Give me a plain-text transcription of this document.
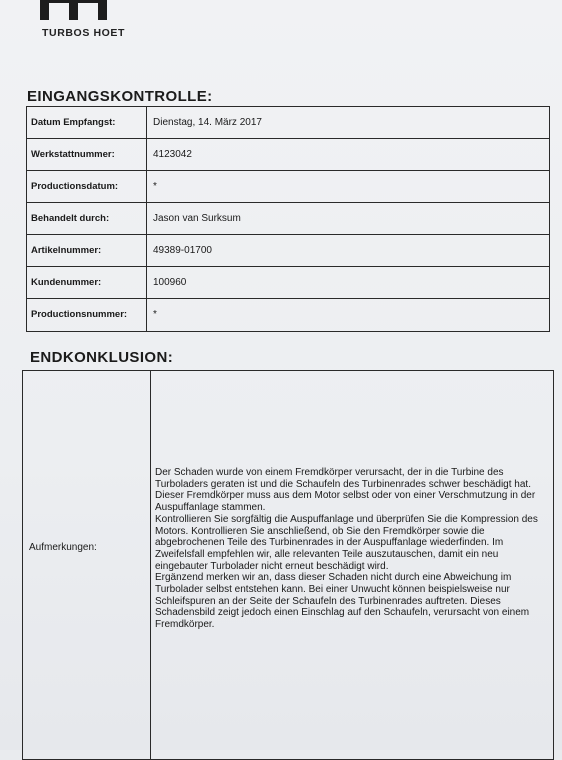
TURBOS HOET
EINGANGSKONTROLLE:
Datum Empfangst:	Dienstag, 14. März 2017
Werkstattnummer:	4123042
Productionsdatum:	*
Behandelt durch:	Jason van Surksum
Artikelnummer:	49389-01700
Kundenummer:	100960
Productionsnummer:	*
ENDKONKLUSION:
Aufmerkungen:

Der Schaden wurde von einem Fremdkörper verursacht, der in die Turbine des Turboladers geraten ist und die Schaufeln des Turbinenrades schwer beschädigt hat. Dieser Fremdkörper muss aus dem Motor selbst oder von einer Verschmutzung in der Auspuffanlage stammen.

Kontrollieren Sie sorgfältig die Auspuffanlage und überprüfen Sie die Kompression des Motors. Kontrollieren Sie anschließend, ob Sie den Fremdkörper sowie die abgebrochenen Teile des Turbinenrades in der Auspuffanlage wiederfinden. Im Zweifelsfall empfehlen wir, alle relevanten Teile auszutauschen, damit ein neu eingebauter Turbolader nicht erneut beschädigt wird.

Ergänzend merken wir an, dass dieser Schaden nicht durch eine Abweichung im Turbolader selbst entstehen kann. Bei einer Unwucht können beispielsweise nur Schleifspuren an der Seite der Schaufeln des Turbinenrades auftreten. Dieses Schadensbild zeigt jedoch einen Einschlag auf den Schaufeln, verursacht von einem Fremdkörper.
